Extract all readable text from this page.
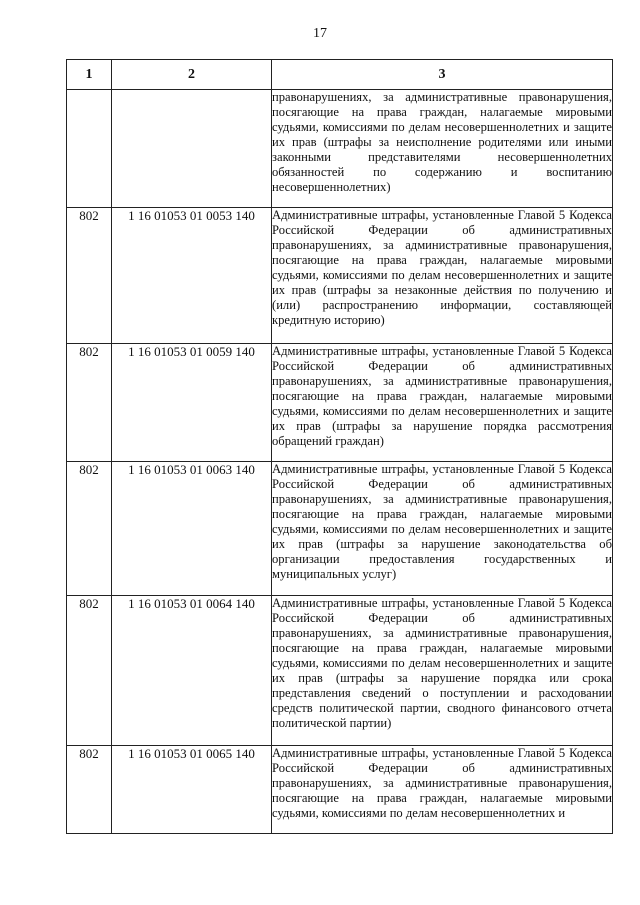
17
1	2	3
		правонарушениях, за административные правонарушения, посягающие на права граждан, налагаемые мировыми судьями, комиссиями по делам несовершеннолетних и защите их прав (штрафы за неисполнение родителями или иными законными представителями несовершеннолетних обязанностей по содержанию и воспитанию несовершеннолетних)
802	1 16 01053 01 0053 140	Административные штрафы, установленные Главой 5 Кодекса Российской Федерации об административных правонарушениях, за административные правонарушения, посягающие на права граждан, налагаемые мировыми судьями, комиссиями по делам несовершеннолетних и защите их прав (штрафы за незаконные действия по получению и (или) распространению информации, составляющей кредитную историю)
802	1 16 01053 01 0059 140	Административные штрафы, установленные Главой 5 Кодекса Российской Федерации об административных правонарушениях, за административные правонарушения, посягающие на права граждан, налагаемые мировыми судьями, комиссиями по делам несовершеннолетних и защите их прав (штрафы за нарушение порядка рассмотрения обращений граждан)
802	1 16 01053 01 0063 140	Административные штрафы, установленные Главой 5 Кодекса Российской Федерации об административных правонарушениях, за административные правонарушения, посягающие на права граждан, налагаемые мировыми судьями, комиссиями по делам несовершеннолетних и защите их прав (штрафы за нарушение законодательства об организации предоставления государственных и муниципальных услуг)
802	1 16 01053 01 0064 140	Административные штрафы, установленные Главой 5 Кодекса Российской Федерации об административных правонарушениях, за административные правонарушения, посягающие на права граждан, налагаемые мировыми судьями, комиссиями по делам несовершеннолетних и защите их прав (штрафы за нарушение порядка или срока представления сведений о поступлении и расходовании средств политической партии, сводного финансового отчета политической партии)
802	1 16 01053 01 0065 140	Административные штрафы, установленные Главой 5 Кодекса Российской Федерации об административных правонарушениях, за административные правонарушения, посягающие на права граждан, налагаемые мировыми судьями, комиссиями по делам несовершеннолетних и
